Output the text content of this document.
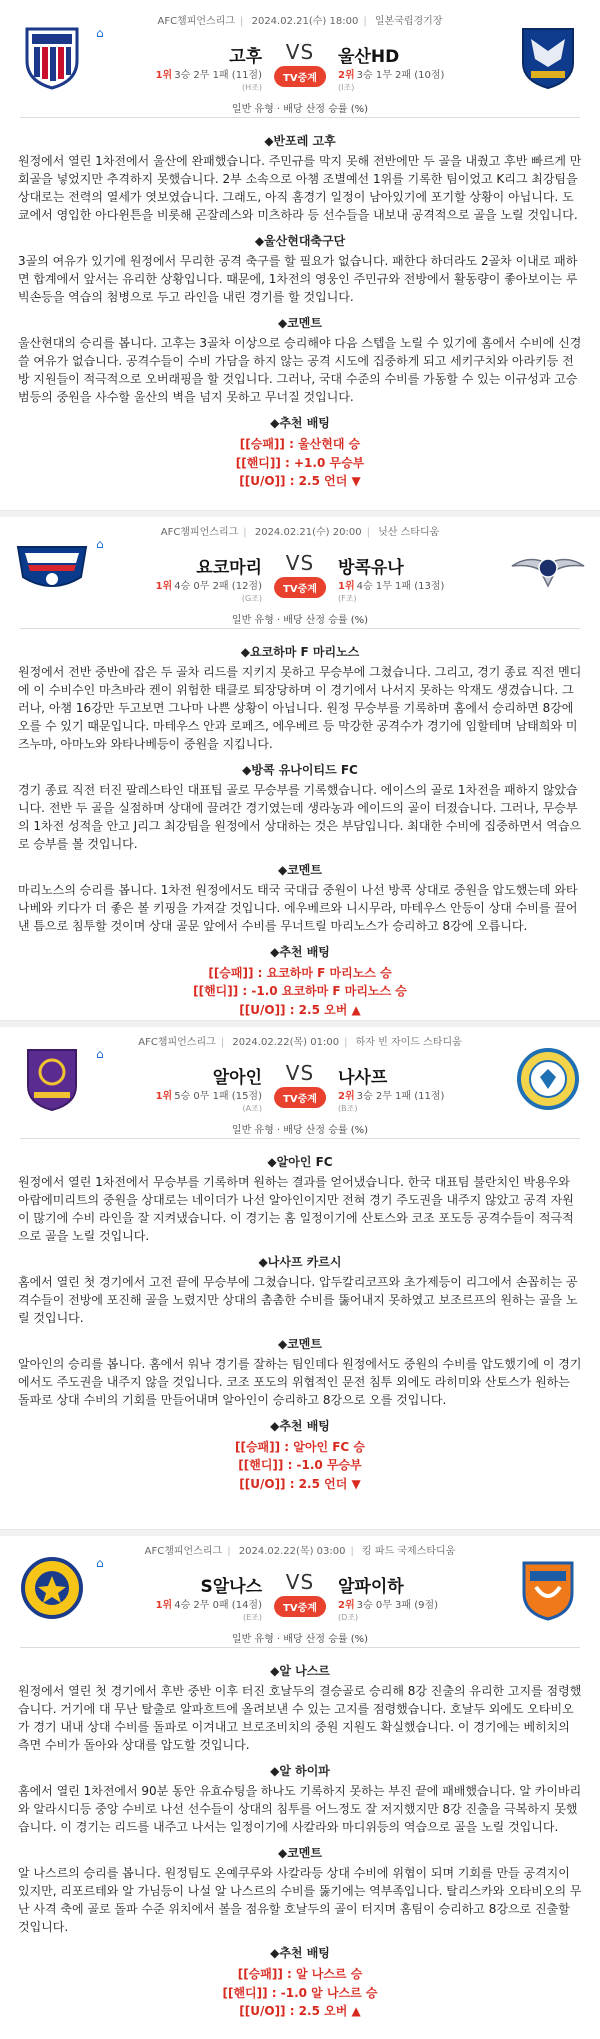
AFC챔피언스리그 | 2024.02.21(수) 18:00 | 일본국립경기장
⌂
고후
1위 3승 2무 1패 (11점)
(H조)
VS
TV중계
울산HD
2위 3승 1무 2패 (10점)
(I조)
일반 유형 · 배당 산정 승률 (%)
◆반포레 고후
원정에서 열린 1차전에서 울산에 완패했습니다. 주민규를 막지 못해 전반에만 두 골을 내줬고 후반 빠르게 만회골을 넣었지만 추격하지 못했습니다. 2부 소속으로 아챔 조별예선 1위를 기록한 팀이었고 K리그 최강팀을 상대로는 전력의 열세가 엿보였습니다. 그래도, 아직 홈경기 일정이 남아있기에 포기할 상황이 아닙니다. 도쿄에서 영입한 아다윈튼을 비롯해 곤잘레스와 미츠하라 등 선수들을 내보내 공격적으로 골을 노릴 것입니다.
◆울산현대축구단
3골의 여유가 있기에 원정에서 무리한 공격 축구를 할 필요가 없습니다. 패한다 하더라도 2골차 이내로 패하면 합계에서 앞서는 유리한 상황입니다. 때문에, 1차전의 영웅인 주민규와 전방에서 활동량이 좋아보이는 루빅손등을 역습의 첨병으로 두고 라인을 내린 경기를 할 것입니다.
◆코멘트
울산현대의 승리를 봅니다. 고후는 3골차 이상으로 승리해야 다음 스텝을 노릴 수 있기에 홈에서 수비에 신경쓸 여유가 없습니다. 공격수들이 수비 가담을 하지 않는 공격 시도에 집중하게 되고 세키구치와 아라키등 전방 지원들이 적극적으로 오버래핑을 할 것입니다. 그러나, 국대 수준의 수비를 가동할 수 있는 이규성과 고승범등의 중원을 사수할 울산의 벽을 넘지 못하고 무너질 것입니다.
◆추천 배팅
[[승패]] : 울산현대 승
[[핸디]] : +1.0 무승부
[[U/O]] : 2.5 언더 ▼
AFC챔피언스리그 | 2024.02.21(수) 20:00 | 닛산 스타디움
⌂
요코마리
1위 4승 0무 2패 (12점)
(G조)
VS
TV중계
방콕유나
1위 4승 1무 1패 (13점)
(F조)
일반 유형 · 배당 산정 승률 (%)
◆요코하마 F 마리노스
원정에서 전반 중반에 잡은 두 골차 리드를 지키지 못하고 무승부에 그쳤습니다. 그리고, 경기 종료 직전 멘디에 이 수비수인 마츠바라 켄이 위험한 태클로 퇴장당하며 이 경기에서 나서지 못하는 악재도 생겼습니다. 그러나, 아챔 16강만 두고보면 그나마 나쁜 상황이 아닙니다. 원정 무승부를 기록하며 홈에서 승리하면 8강에 오를 수 있기 때문입니다. 마테우스 안과 로페즈, 에우베르 등 막강한 공격수가 경기에 임할테며 남태희와 미즈누마, 아마노와 와타나베등이 중원을 지킵니다.
◆방콕 유나이티드 FC
경기 종료 직전 터진 팔레스타인 대표팁 골로 무승부를 기록했습니다. 에이스의 골로 1차전을 패하지 않았습니다. 전반 두 골을 실점하며 상대에 끌려간 경기였는데 생라농과 에이드의 골이 터졌습니다. 그러나, 무승부의 1차전 성적을 안고 J리그 최강팀을 원정에서 상대하는 것은 부담입니다. 최대한 수비에 집중하면서 역습으로 승부를 볼 것입니다.
◆코멘트
마리노스의 승리를 봅니다. 1차전 원정에서도 태국 국대급 중원이 나선 방콕 상대로 중원을 압도했는데 와타나베와 키다가 더 좋은 볼 키핑을 가져갈 것입니다. 에우베르와 니시무라, 마테우스 안등이 상대 수비를 끌어낸 틈으로 침투할 것이며 상대 골문 앞에서 수비를 무너트릴 마리노스가 승리하고 8강에 오릅니다.
◆추천 배팅
[[승패]] : 요코하마 F 마리노스 승
[[핸디]] : -1.0 요코하마 F 마리노스 승
[[U/O]] : 2.5 오버 ▲
AFC챔피언스리그 | 2024.02.22(목) 01:00 | 하자 빈 자이드 스타디움
⌂
알아인
1위 5승 0무 1패 (15점)
(A조)
VS
TV중계
나사프
2위 3승 2무 1패 (11점)
(B조)
일반 유형 · 배당 산정 승률 (%)
◆알아인 FC
원정에서 열린 1차전에서 무승부를 기록하며 원하는 결과를 얻어냈습니다. 한국 대표팀 불란치인 박용우와 아랍에미리트의 중원을 상대로는 네이더가 나선 알아인이지만 전혀 경기 주도권을 내주지 않았고 공격 자원이 많기에 수비 라인을 잘 지켜냈습니다. 이 경기는 홈 일정이기에 산토스와 코조 포도등 공격수들이 적극적으로 골을 노릴 것입니다.
◆나사프 카르시
홈에서 열린 첫 경기에서 고전 끝에 무승부에 그쳤습니다. 압두칼리코프와 초가제등이 리그에서 손꼽히는 공격수들이 전방에 포진해 골을 노렸지만 상대의 촘촘한 수비를 뚫어내지 못하였고 보조르프의 원하는 골을 노릴 것입니다.
◆코멘트
알아인의 승리를 봅니다. 홈에서 워낙 경기를 잘하는 팀인데다 원정에서도 중원의 수비를 압도했기에 이 경기에서도 주도권을 내주지 않을 것입니다. 코조 포도의 위협적인 문전 침투 외에도 라히미와 산토스가 원하는 돌파로 상대 수비의 기회를 만들어내며 알아인이 승리하고 8강으로 오를 것입니다.
◆추천 배팅
[[승패]] : 알아인 FC 승
[[핸디]] : -1.0 무승부
[[U/O]] : 2.5 언더 ▼
AFC챔피언스리그 | 2024.02.22(목) 03:00 | 킹 파드 국제스타디움
⌂
S알나스
1위 4승 2무 0패 (14점)
(E조)
VS
TV중계
알파이하
2위 3승 0무 3패 (9점)
(D조)
일반 유형 · 배당 산정 승률 (%)
◆알 나스르
원정에서 열린 첫 경기에서 후반 중반 이후 터진 호날두의 결승골로 승리해 8강 진출의 유리한 고지를 점령했습니다. 거기에 대 무난 탈출로 알파흐트에 올려보낸 수 있는 고지를 점령했습니다. 호날두 외에도 오타비오가 경기 내내 상대 수비를 돌파로 이겨내고 브로조비치의 중원 지원도 확실했습니다. 이 경기에는 베히치의 측면 수비가 돌아와 상대를 압도할 것입니다.
◆알 하이파
홈에서 열린 1차전에서 90분 동안 유효슈팅을 하나도 기록하지 못하는 부진 끝에 패배했습니다. 알 카이바리와 알라시디등 중앙 수비로 나선 선수들이 상대의 침투를 어느정도 잘 저지했지만 8강 진출을 극복하지 못했습니다. 이 경기는 리드를 내주고 나서는 일정이기에 사칼라와 마디위등의 역습으로 골을 노릴 것입니다.
◆코멘트
알 나스르의 승리를 봅니다. 원정팀도 온예쿠루와 사칼라등 상대 수비에 위협이 되며 기회를 만들 공격지이 있지만, 리포르테와 알 가님등이 나설 알 나스르의 수비를 뚫기에는 역부족입니다. 탈리스카와 오타비오의 무난 사격 축에 골로 돌파 수준 위치에서 볼을 점유할 호날두의 골이 터지며 홈팀이 승리하고 8강으로 진출할 것입니다.
◆추천 배팅
[[승패]] : 알 나스르 승
[[핸디]] : -1.0 알 나스르 승
[[U/O]] : 2.5 오버 ▲
